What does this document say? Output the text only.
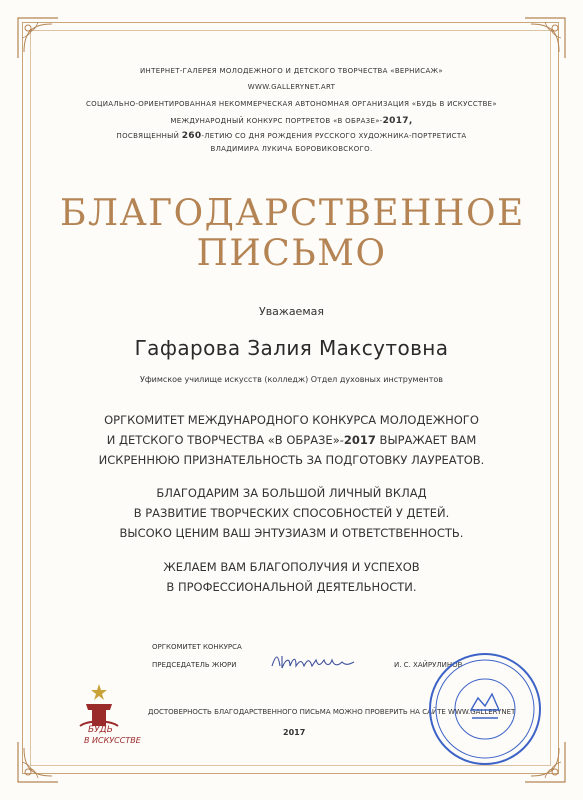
ИНТЕРНЕТ-ГАЛЕРЕЯ МОЛОДЕЖНОГО И ДЕТСКОГО ТВОРЧЕСТВА «ВЕРНИСАЖ»
WWW.GALLERYNET.ART
СОЦИАЛЬНО-ОРИЕНТИРОВАННАЯ НЕКОММЕРЧЕСКАЯ АВТОНОМНАЯ ОРГАНИЗАЦИЯ «БУДЬ В ИСКУССТВЕ»
МЕЖДУНАРОДНЫЙ КОНКУРС ПОРТРЕТОВ «В ОБРАЗЕ»-2017,
ПОСВЯЩЕННЫЙ 260-ЛЕТИЮ СО ДНЯ РОЖДЕНИЯ РУССКОГО ХУДОЖНИКА-ПОРТРЕТИСТА
ВЛАДИМИРА ЛУКИЧА БОРОВИКОВСКОГО.
БЛАГОДАРСТВЕННОЕ
ПИСЬМО
Уважаемая
Гафарова Залия Максутовна
Уфимское училище искусств (колледж) Отдел духовных инструментов
ОРГКОМИТЕТ МЕЖДУНАРОДНОГО КОНКУРСА МОЛОДЕЖНОГО
И ДЕТСКОГО ТВОРЧЕСТВА «В ОБРАЗЕ»-2017 ВЫРАЖАЕТ ВАМ
ИСКРЕННЮЮ ПРИЗНАТЕЛЬНОСТЬ ЗА ПОДГОТОВКУ ЛАУРЕАТОВ.
БЛАГОДАРИМ ЗА БОЛЬШОЙ ЛИЧНЫЙ ВКЛАД
В РАЗВИТИЕ ТВОРЧЕСКИХ СПОСОБНОСТЕЙ У ДЕТЕЙ.
ВЫСОКО ЦЕНИМ ВАШ ЭНТУЗИАЗМ И ОТВЕТСТВЕННОСТЬ.
ЖЕЛАЕМ ВАМ БЛАГОПОЛУЧИЯ И УСПЕХОВ
В ПРОФЕССИОНАЛЬНОЙ ДЕЯТЕЛЬНОСТИ.
ОРГКОМИТЕТ КОНКУРСА
ПРЕДСЕДАТЕЛЬ ЖЮРИ	И. С. ХАЙРУЛИНОВ
ДОСТОВЕРНОСТЬ БЛАГОДАРСТВЕННОГО ПИСЬМА МОЖНО ПРОВЕРИТЬ НА САЙТЕ WWW.GALLERYNET
2017
БУДЬ
В ИСКУССТВЕ
